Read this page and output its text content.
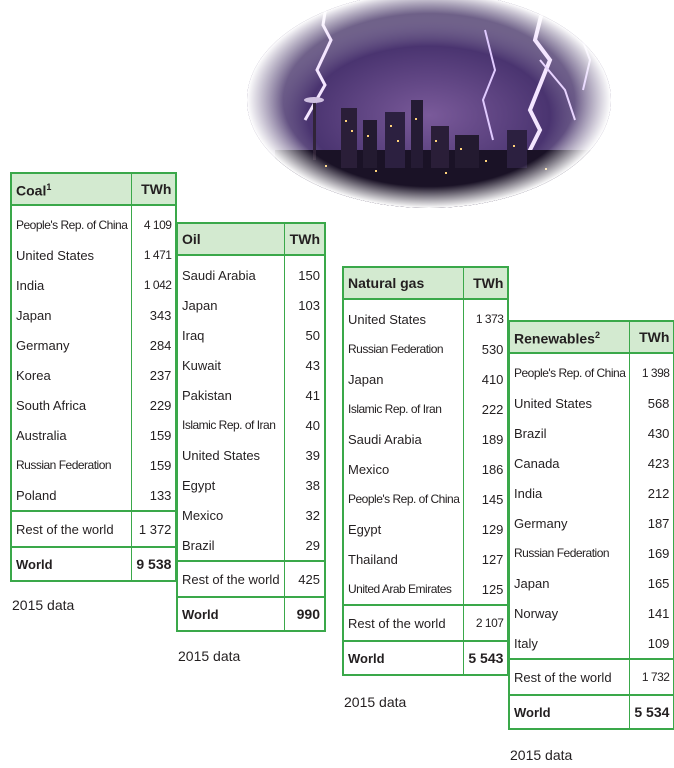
Coal$^1$	TWh
People's Rep. of China	4 109
United States	1 471
India	1 042
Japan	343
Germany	284
Korea	237
South Africa	229
Australia	159
Russian Federation	159
Poland	133
Rest of the world	1 372
World	9 538
2015 data
Oil	TWh
Saudi Arabia	150
Japan	103
Iraq	50
Kuwait	43
Pakistan	41
Islamic Rep. of Iran	40
United States	39
Egypt	38
Mexico	32
Brazil	29
Rest of the world	425
World	990
2015 data
Natural gas	TWh
United States	1 373
Russian Federation	530
Japan	410
Islamic Rep. of Iran	222
Saudi Arabia	189
Mexico	186
People's Rep. of China	145
Egypt	129
Thailand	127
United Arab Emirates	125
Rest of the world	2 107
World	5 543
2015 data
Renewables$^2$	TWh
People's Rep. of China	1 398
United States	568
Brazil	430
Canada	423
India	212
Germany	187
Russian Federation	169
Japan	165
Norway	141
Italy	109
Rest of the world	1 732
World	5 534
2015 data
